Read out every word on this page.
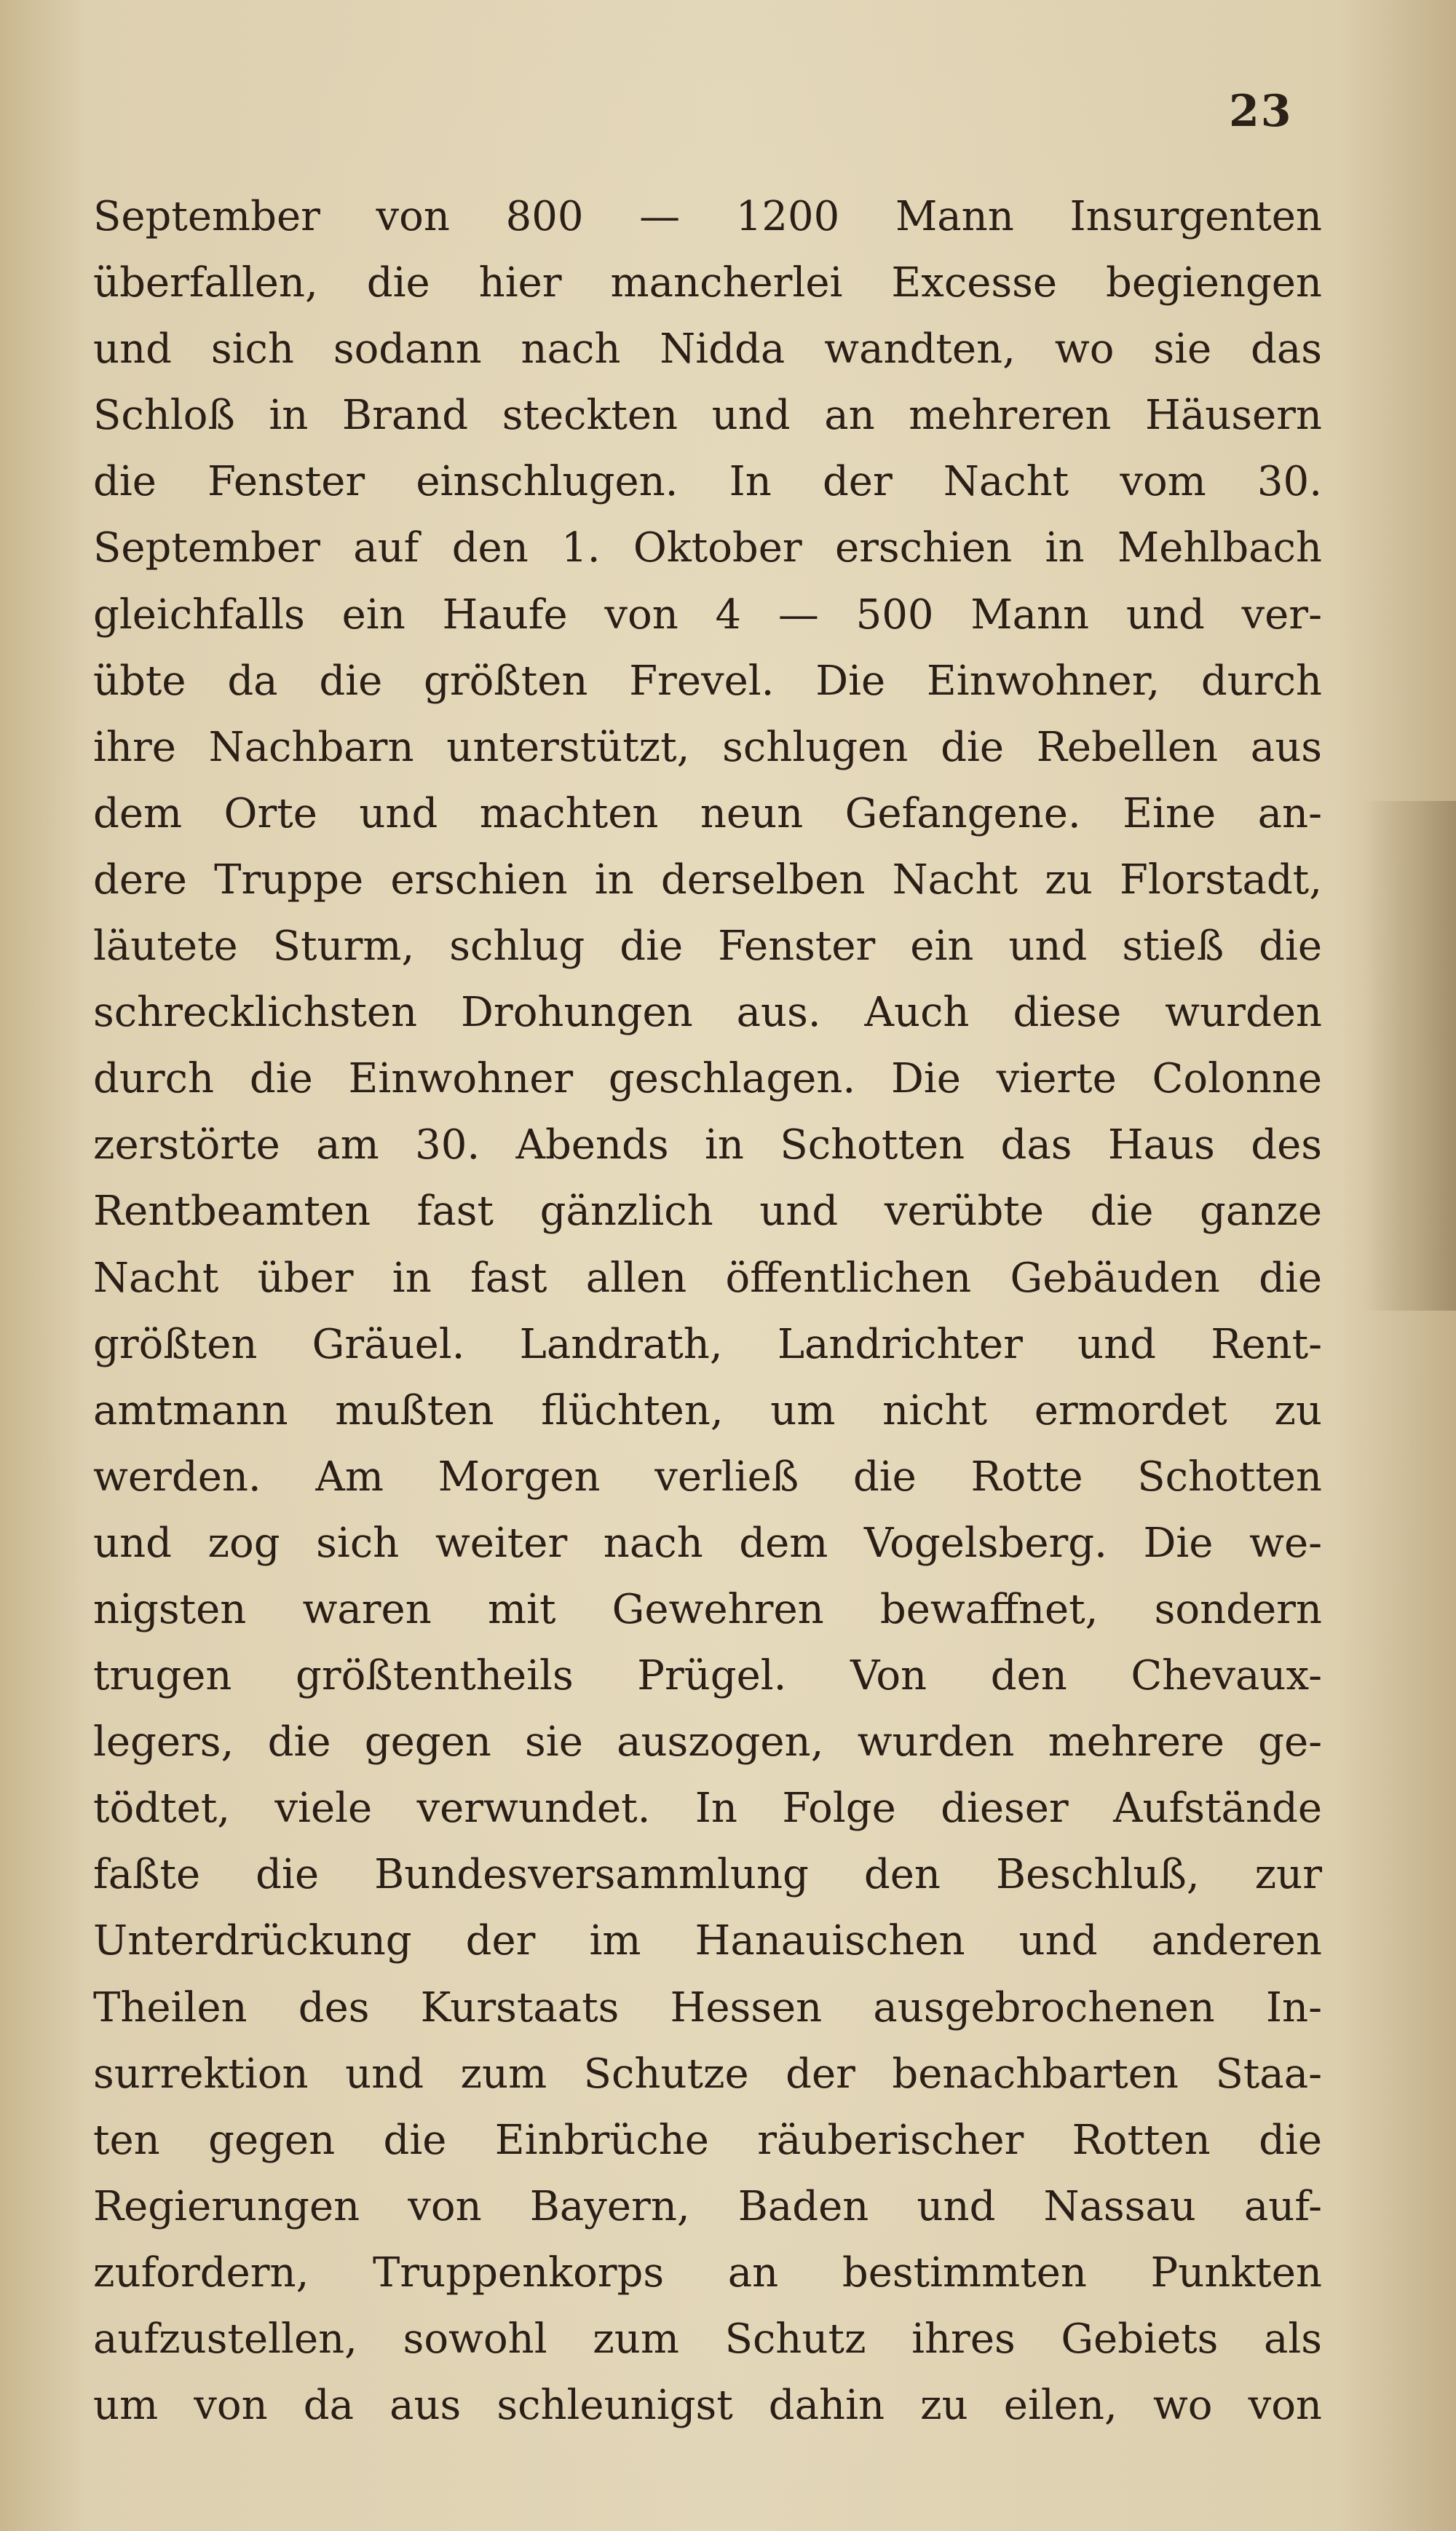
23
September von 800 — 1200 Mann Insurgenten
überfallen, die hier mancherlei Excesse begiengen
und sich sodann nach Nidda wandten, wo sie das
Schloß in Brand steckten und an mehreren Häusern
die Fenster einschlugen. In der Nacht vom 30.
September auf den 1. Oktober erschien in Mehlbach
gleichfalls ein Haufe von 4 — 500 Mann und ver-
übte da die größten Frevel. Die Einwohner, durch
ihre Nachbarn unterstützt, schlugen die Rebellen aus
dem Orte und machten neun Gefangene. Eine an-
dere Truppe erschien in derselben Nacht zu Florstadt,
läutete Sturm, schlug die Fenster ein und stieß die
schrecklichsten Drohungen aus. Auch diese wurden
durch die Einwohner geschlagen. Die vierte Colonne
zerstörte am 30. Abends in Schotten das Haus des
Rentbeamten fast gänzlich und verübte die ganze
Nacht über in fast allen öffentlichen Gebäuden die
größten Gräuel. Landrath, Landrichter und Rent-
amtmann mußten flüchten, um nicht ermordet zu
werden. Am Morgen verließ die Rotte Schotten
und zog sich weiter nach dem Vogelsberg. Die we-
nigsten waren mit Gewehren bewaffnet, sondern
trugen größtentheils Prügel. Von den Chevaux-
legers, die gegen sie auszogen, wurden mehrere ge-
tödtet, viele verwundet. In Folge dieser Aufstände
faßte die Bundesversammlung den Beschluß, zur
Unterdrückung der im Hanauischen und anderen
Theilen des Kurstaats Hessen ausgebrochenen In-
surrektion und zum Schutze der benachbarten Staa-
ten gegen die Einbrüche räuberischer Rotten die
Regierungen von Bayern, Baden und Nassau auf-
zufordern, Truppenkorps an bestimmten Punkten
aufzustellen, sowohl zum Schutz ihres Gebiets als
um von da aus schleunigst dahin zu eilen, wo von
